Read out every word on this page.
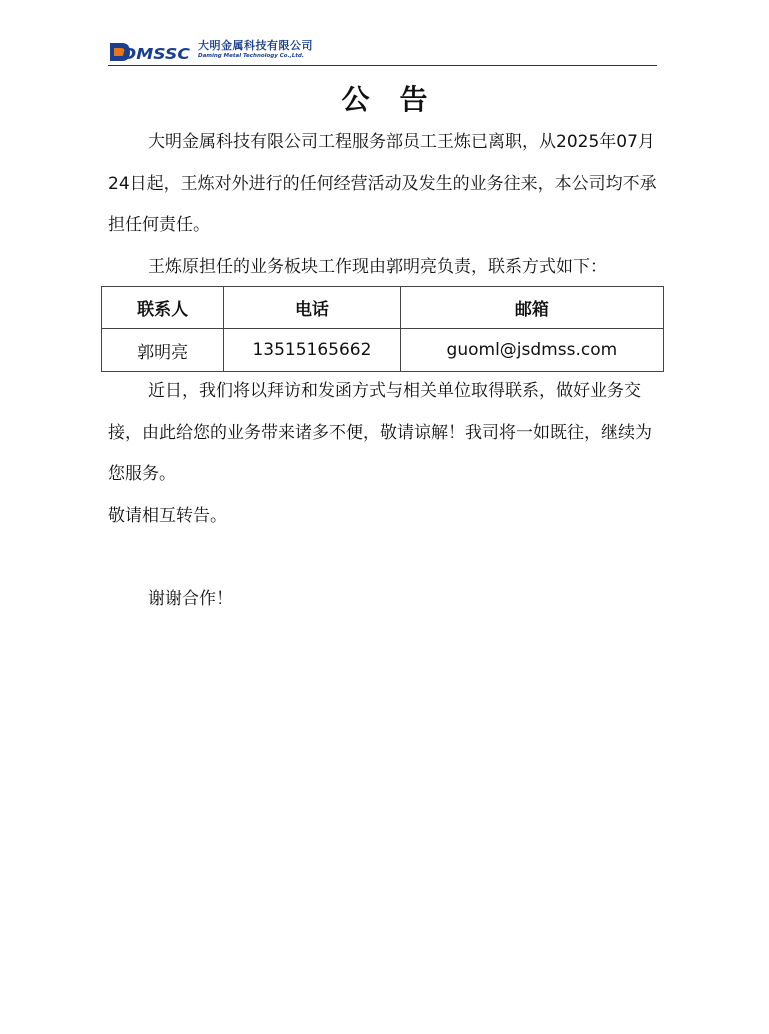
DMSSC 大明金属科技有限公司
Daming Metal Technology Co.,Ltd.
公告

大明金属科技有限公司工程服务部员工王炼已离职，从2025年07月24日起，王炼对外进行的任何经营活动及发生的业务往来，本公司均不承担任何责任。

王炼原担任的业务板块工作现由郭明亮负责，联系方式如下：

联系人	电话	邮箱
郭明亮	13515165662	guoml@jsdmss.com

近日，我们将以拜访和发函方式与相关单位取得联系，做好业务交接，由此给您的业务带来诸多不便，敬请谅解！我司将一如既往，继续为您服务。

敬请相互转告。

谢谢合作！
